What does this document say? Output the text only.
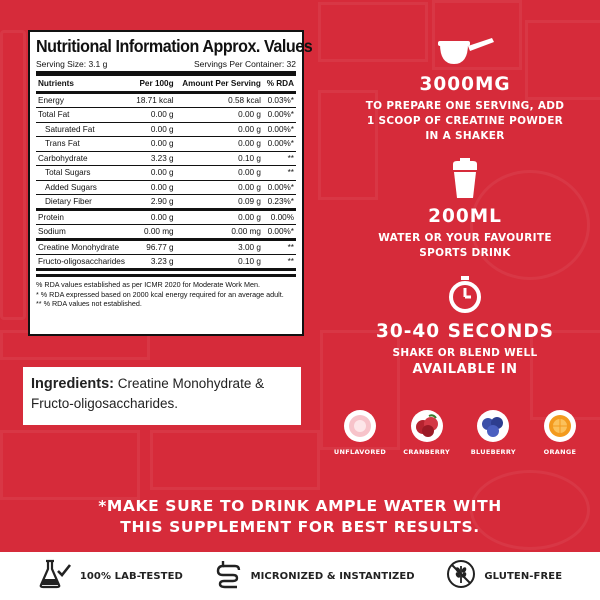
Nutritional Information Approx. Values
Serving Size: 3.1 g	Servings Per Container: 32
Nutrients	Per 100g	Amount Per Serving	% RDA
Energy	18.71 kcal	0.58 kcal	0.03%*
Total Fat	0.00 g	0.00 g	0.00%*
Saturated Fat	0.00 g	0.00 g	0.00%*
Trans Fat	0.00 g	0.00 g	0.00%*
Carbohydrate	3.23 g	0.10 g	**
Total Sugars	0.00 g	0.00 g	**
Added Sugars	0.00 g	0.00 g	0.00%*
Dietary Fiber	2.90 g	0.09 g	0.23%*
Protein	0.00 g	0.00 g	0.00%
Sodium	0.00 mg	0.00 mg	0.00%*
Creatine Monohydrate	96.77 g	3.00 g	**
Fructo-oligosaccharides	3.23 g	0.10 g	**
% RDA values established as per ICMR 2020 for Moderate Work Men.
* % RDA expressed based on 2000 kcal energy required for an average adult.
** % RDA values not established.
Ingredients: Creatine Monohydrate & Fructo-oligosaccharides.
3000MG
TO PREPARE ONE SERVING, ADD 1 SCOOP OF CREATINE POWDER IN A SHAKER
200ML
WATER OR YOUR FAVOURITE SPORTS DRINK
30-40 SECONDS
SHAKE OR BLEND WELL
AVAILABLE IN
UNFLAVORED	CRANBERRY	BLUEBERRY	ORANGE
*MAKE SURE TO DRINK AMPLE WATER WITH
THIS SUPPLEMENT FOR BEST RESULTS.
100% LAB-TESTED	MICRONIZED & INSTANTIZED	GLUTEN-FREE
